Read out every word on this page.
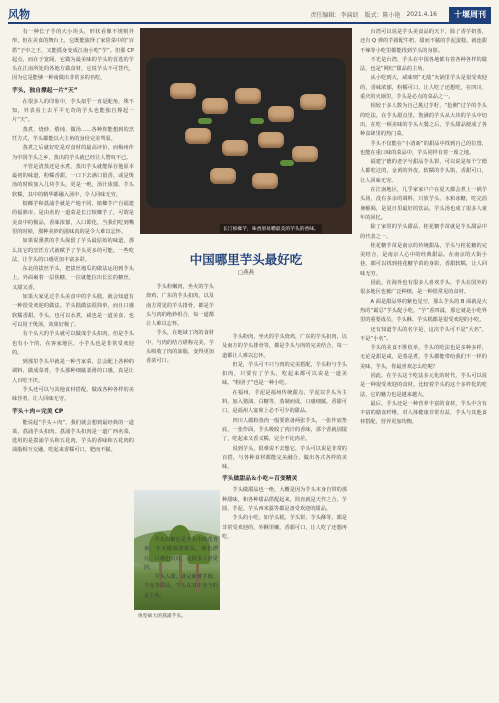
风物	责任编辑：李演窈 版式：陈小艳 2021.4.16	十堰周刊

有一种长子芋的大小块头，形状看像不规则外形，但在美食的舞台上，它既能演绎了家常菜中的“百搭”子中之王，又能摇身变成江南小吃“芋”。但那 CP 起点，而在于宽阔，它做为最美味的芋头的首选的芋头在江南所处的各地方做食材，它说芋头不可替代，因为它是能够一种南做出非常多的名吃。

芋头，独自撑起一片“天”

在很多人的印象中，芋头似乎一直是配角，殊不知，外表看上去平平无奇的芋头也能独自撑起一片“天”。

蒸煮、烧炒、煨炖、做汤……各种你能想到的烹饪方式，芋头都能以大主角的身份完美驾驭。

蒸煮之后就好吃是对食材的最高评价，而梅州作为中国芋头之乡，蒸出的芋头就已经让人赞叹不已。

不管是清蒸还是水煮，蒸出芋头就能保存他原本最初的味道，粉糯香甜，一口下去满口留香。或是煲汤的时候加入几块芋头，更是一绝，汤汁浓郁，芋头软糯，其中的精华都融入汤中，令人回味无穷。

槟榔芋和荔浦芋就是产地不同，槟榔芋产自福建的福鼎市，是由名的一道菜是长汀槟榔芋了，可谓是美食中的极品，香味浓郁，入口即化，当我们吃到嘴里的时候，那种美妙的滋味真的是令人难以忘怀。

如果说熏煮的芋头保留了芋头最原始的味道，那么其它的烹饪方式就赋予了芋头更多的可能。一些吃法，让芋头的口感更加丰富多彩。

东北的拔丝芋头，把拔丝地瓜的做法运用到芋头上，外面裹着一层焦糖，一拉就能拉出长长的糖丝，又甜又香。

如果大家见过芋头美食中的芋头糕，就会知道有一种很受欢迎的做法。芋头糕做法很简单，而且口感软糯香甜。芋头，也可以水煮，咸也是一道美食，也可以用于煲汤，效果好极了。

有个头大的芋头就可以做成芋头扣肉，但是芋头也有小个的，在客家地区，小芋头也是非常受欢迎的。

到那里芋头早就是一种当家菜，总会配上各种的调料，做成菜肴，芋头那种细腻柔滑的口感，真是让人百吃不厌。

芋头还可以与其他食材搭配，做成各种各样的美味佳肴，让人回味无穷。

芋头＋肉＝完美 CP

能说起“芋头＋肉”，我们就会想到最经典的一道菜，荔浦芋头扣肉。荔浦芋头扣肉是一道广西名菜，选用的是荔浦芋头和五花肉，芋头的香味和五花肉的油脂相互交融，吃起来香糯可口，肥而不腻。

长汀槟榔芋，味香滑易嚼最美的芋头的香味。
中国哪里芋头最好吃
□燕燕

芋头粉嫩肉，坐火的芋头烧鸡，广东的芋头扣肉，以及南方常见的芋头排骨，都是芋头与肉的绝妙组合，每一道都让人难以忘怀。

芋头，在地域丁肉的食材中，与肉的结合堪称完美，芋头吸收了肉的油脂，变得更加香浓可口。

芋头粉肉，坐火的芋头烧鸡，广东的芋头扣肉，以及南方的芋头排骨等，都是芋头与肉的完美结合，每一道都让人难以忘怀。

但是，芋头可不只与肉的完美搭配，芋头粉与芋头扣肉，只要有了芋头，吃起来都可以说是一道美味。“粉团子”也是一种小吃。

在福州，芋泥是福州传统甜点，芋泥以芋头为主料，加入猪油、白糖等，蒸制而成，口感细腻，香甜可口，是福州人宴席上必不可少的甜品。

四川人做粉蒸肉一般要准备两张芋头，一张作底垫底，一张作面，芋头吸收了肉汁的香味，那个香就别提了，吃起来又香又糯，完全不比肉差。

说到芋头，很难说不去想它，芋头可以说是非常的百搭，与各种食材都能完美融合，做出各式各样的美味。

芋头做甜品＆小吃＝百变精灵

芋头做甜品也一绝，大概是因为芋头本身自带的那种甜味，和各种甜品搭配起来，简直就是天作之合，芋圆、芋泥、芋头西米露等都是备受欢迎的甜品。

芋头的小吃，如芋头糕、芋头饼、芋头酥等，都是非常受欢迎的，外酥里嫩，香甜可口，让人吃了还想再吃。

体型硕大的荔浦芋头。

芋头的紫色是芋头中的花青素，芋头做成的甜品，颜色漂亮，口感也很好，是很多人喜爱的。

芋头入甜，就是紫薯芋圆，芋泥等甜品，芋头在其中充当的是主角。

台湾可以说是芋头美食品的天下，除了香芋奶茶，还有 Q 弹的芋圆配牛奶，甜而不腻的芋泥蛋糕，就连甜不辣等小吃里都能找到芋头的身影。

不光是台湾，芋头在中国各地都有着各种各样的做法，也是“网红”甜品的主角。

从小吃到大，咸味则“无敌”火锅里芋头是很受欢迎的，香味浓郁，粉糯可口，让人吃了还想吃，在四川、重庆的火锅里，芋头是必点的菜品之一。

相较于多人数为自己挑过芋籽，“抢侧”过芋的芋头的吃法，在芋头甜点里，饱满的芋头从大块的芋头中切出，在吃一顿美味的芋头大餐之后，芋头甜品便成了各种食肆里的热门菜。

芋头不仅能在“小清新”的甜品中找到自己的位置，也能在重口味的菜品中，芋头同样有着一席之地。

福建宁德的老字号甜品芋头饼，可以说是每个宁德人都吃过的，金黄的外皮，软糯的芋头馅，香甜可口，让人回味无穷。

在江南地区，几乎家家户户在夏天都会煮上一锅芋头汤，没有多余的调料，只放芋头、水和冰糖，吃完消暑解渴，是夏日里最好的饮品，芋头汤也成了很多人童年的回忆。

除了家常的芋头甜品，桂花糖芋苗就是芋头甜品中的代表之一。

桂花糖芋苗是南京的传统甜品，芋头与桂花糖的完美结合，是南京人心中的经典甜品。在南京的大街小巷，都可以找到桂花糖芋苗的身影，香甜软糯，让人回味无穷。

因此，在海外也有很多人喜欢芋头，芋头在国外的很多地区也被广泛种植，是一种很常见的食材。

A 面是甜品界的紫色星空，那么芋头的 B 面就是大热的“霸总”芋头配小吃，“芋”香四溢，那它就是小吃界里的重要成员，芋头酥、芋头糕都是很受欢迎的小吃。

还有知道芋头的名字是，这次芋头可不是“大名”，不是“小名”。

芋头的美食不胜枚举，芋头的吃法也是多种多样，无论是甜是咸，是蒸是煮，芋头都能带给我们不一样的美味，芋头，你最喜欢怎么吃呢？

因此，在芋头这个吃法多元化的时代，芋头可以说是一种很受欢迎的食材。比较着芋头的这个多样化的吃法，它的魅力也是越来越大。

最后，芋头还是一种营养丰富的食材，芋头中含有丰富的膳食纤维，对人体健康非常有益，芋头与其他食材搭配，营养更加均衡。
